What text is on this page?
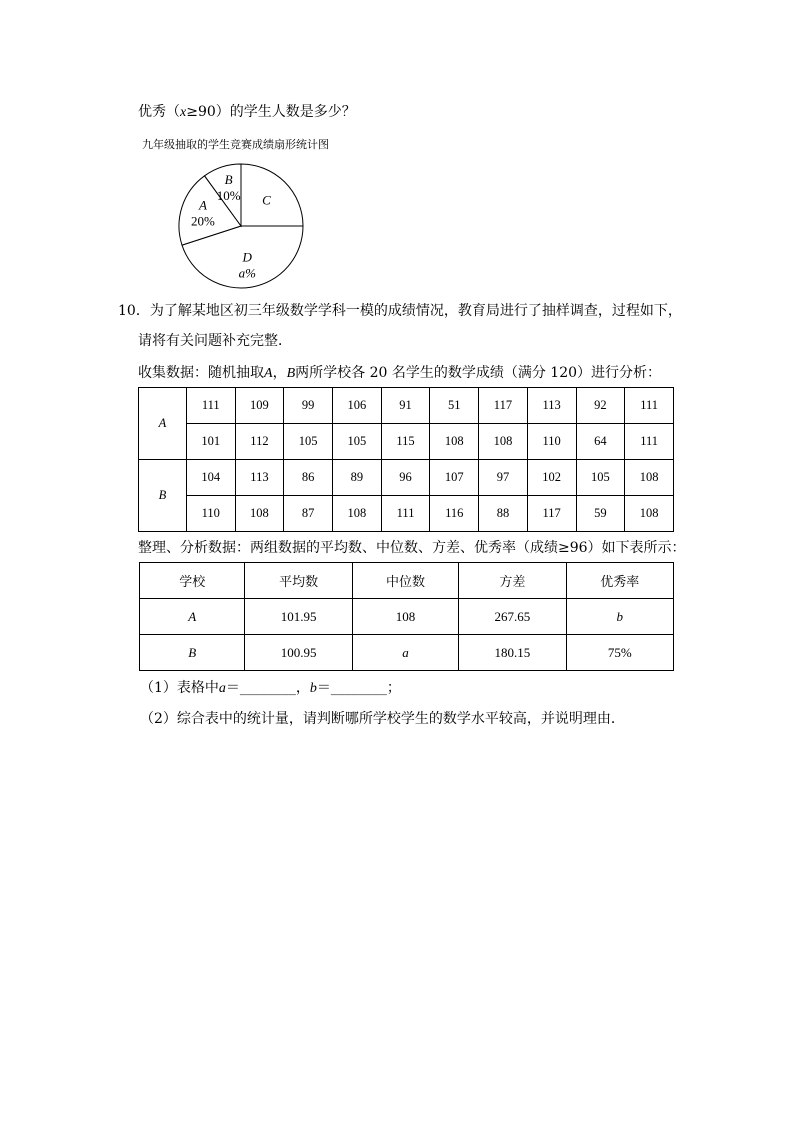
优秀（x≥90）的学生人数是多少？
九年级抽取的学生竞赛成绩扇形统计图
D
a%
A
20%
B
10% C
10．为了解某地区初三年级数学学科一模的成绩情况，教育局进行了抽样调查，过程如下，
请将有关问题补充完整．
收集数据：随机抽取A，B两所学校各 20 名学生的数学成绩（满分 120）进行分析：
A	111	109	99	106	91	51	117	113	92	111
	101	112	105	105	115	108	108	110	64	111
B	104	113	86	89	96	107	97	102	105	108
	110	108	87	108	111	116	88	117	59	108
整理、分析数据：两组数据的平均数、中位数、方差、优秀率（成绩≥96）如下表所示：
学校	平均数	中位数	方差	优秀率
A	101.95	108	267.65	b
B	100.95	a	180.15	75%
（1）表格中a＝________，b＝________；
（2）综合表中的统计量，请判断哪所学校学生的数学水平较高，并说明理由．
